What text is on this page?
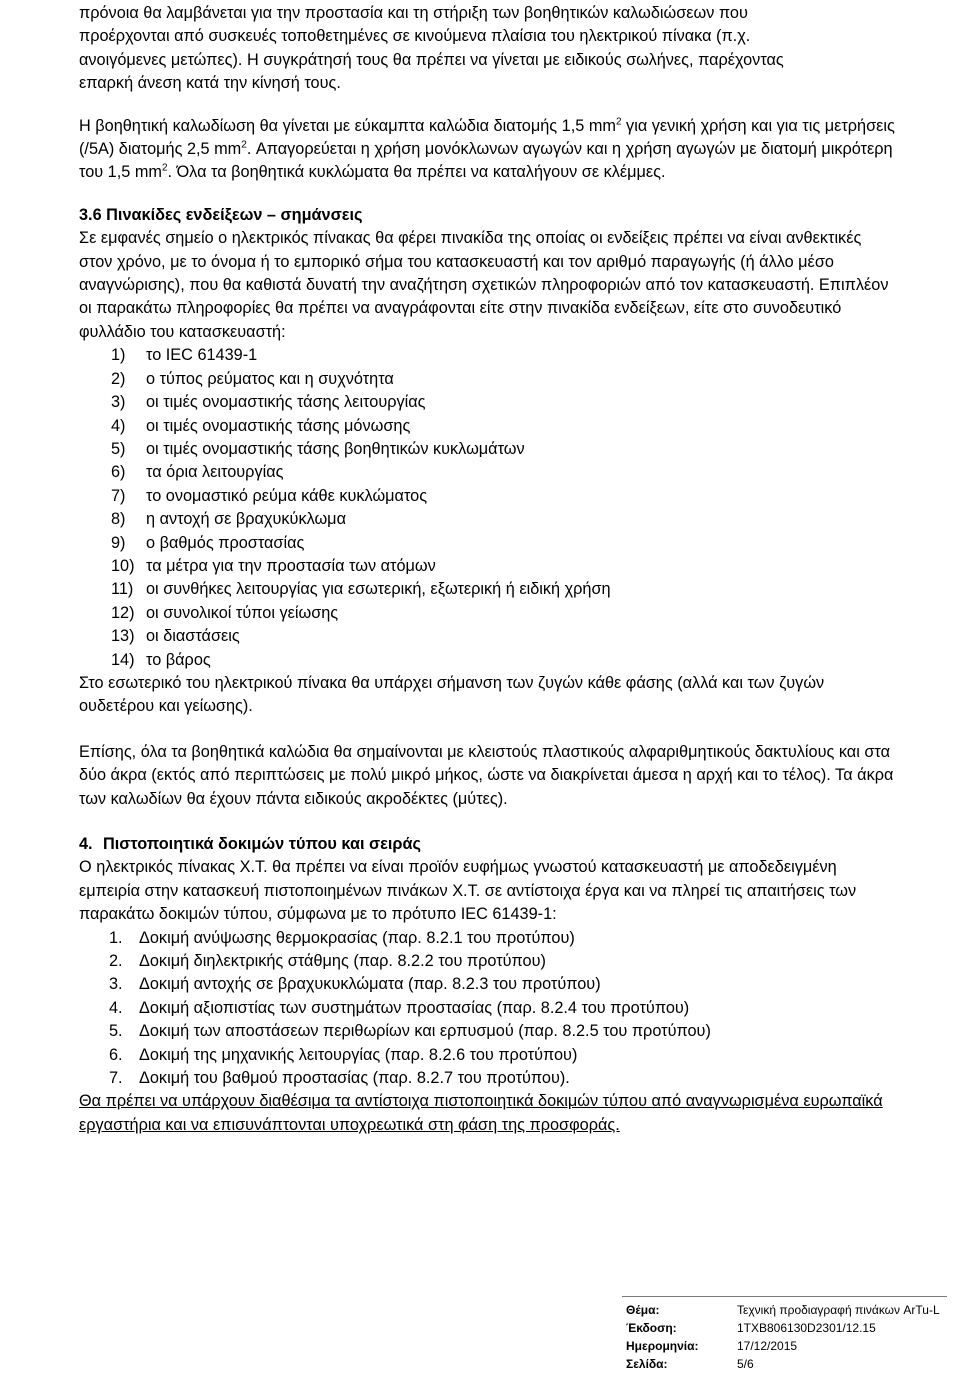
πρόνοια θα λαμβάνεται για την προστασία και τη στήριξη των βοηθητικών καλωδιώσεων που
προέρχονται από συσκευές τοποθετημένες σε κινούμενα πλαίσια του ηλεκτρικού πίνακα (π.χ.
ανοιγόμενες μετώπες). Η συγκράτησή τους θα πρέπει να γίνεται με ειδικούς σωλήνες, παρέχοντας
επαρκή άνεση κατά την κίνησή τους.

Η βοηθητική καλωδίωση θα γίνεται με εύκαμπτα καλώδια διατομής 1,5 $mm^2$ για γενική χρήση και για τις μετρήσεις (/5A) διατομής 2,5 $mm^2$. Απαγορεύεται η χρήση μονόκλωνων αγωγών και η χρήση αγωγών με διατομή μικρότερη του 1,5 $mm^2$. Όλα τα βοηθητικά κυκλώματα θα πρέπει να καταλήγουν σε κλέμμες.

3.6 Πινακίδες ενδείξεων – σημάνσεις
Σε εμφανές σημείο ο ηλεκτρικός πίνακας θα φέρει πινακίδα της οποίας οι ενδείξεις πρέπει να είναι ανθεκτικές στον χρόνο, με το όνομα ή το εμπορικό σήμα του κατασκευαστή και τον αριθμό παραγωγής (ή άλλο μέσο αναγνώρισης), που θα καθιστά δυνατή την αναζήτηση σχετικών πληροφοριών από τον κατασκευαστή. Επιπλέον οι παρακάτω πληροφορίες θα πρέπει να αναγράφονται είτε στην πινακίδα ενδείξεων, είτε στο συνοδευτικό φυλλάδιο του κατασκευαστή:
1) το IEC 61439-1
2) ο τύπος ρεύματος και η συχνότητα
3) οι τιμές ονομαστικής τάσης λειτουργίας
4) οι τιμές ονομαστικής τάσης μόνωσης
5) οι τιμές ονομαστικής τάσης βοηθητικών κυκλωμάτων
6) τα όρια λειτουργίας
7) το ονομαστικό ρεύμα κάθε κυκλώματος
8) η αντοχή σε βραχυκύκλωμα
9) ο βαθμός προστασίας
10) τα μέτρα για την προστασία των ατόμων
11) οι συνθήκες λειτουργίας για εσωτερική, εξωτερική ή ειδική χρήση
12) οι συνολικοί τύποι γείωσης
13) οι διαστάσεις
14) το βάρος
Στο εσωτερικό του ηλεκτρικού πίνακα θα υπάρχει σήμανση των ζυγών κάθε φάσης (αλλά και των ζυγών ουδετέρου και γείωσης).

Επίσης, όλα τα βοηθητικά καλώδια θα σημαίνονται με κλειστούς πλαστικούς αλφαριθμητικούς δακτυλίους και στα δύο άκρα (εκτός από περιπτώσεις με πολύ μικρό μήκος, ώστε να διακρίνεται άμεσα η αρχή και το τέλος). Τα άκρα των καλωδίων θα έχουν πάντα ειδικούς ακροδέκτες (μύτες).

4. Πιστοποιητικά δοκιμών τύπου και σειράς
Ο ηλεκτρικός πίνακας Χ.Τ. θα πρέπει να είναι προϊόν ευφήμως γνωστού κατασκευαστή με αποδεδειγμένη εμπειρία στην κατασκευή πιστοποιημένων πινάκων Χ.Τ. σε αντίστοιχα έργα και να πληρεί τις απαιτήσεις των παρακάτω δοκιμών τύπου, σύμφωνα με το πρότυπο IEC 61439-1:
1. Δοκιμή ανύψωσης θερμοκρασίας (παρ. 8.2.1 του προτύπου)
2. Δοκιμή διηλεκτρικής στάθμης (παρ. 8.2.2 του προτύπου)
3. Δοκιμή αντοχής σε βραχυκυκλώματα (παρ. 8.2.3 του προτύπου)
4. Δοκιμή αξιοπιστίας των συστημάτων προστασίας (παρ. 8.2.4 του προτύπου)
5. Δοκιμή των αποστάσεων περιθωρίων και ερπυσμού (παρ. 8.2.5 του προτύπου)
6. Δοκιμή της μηχανικής λειτουργίας (παρ. 8.2.6 του προτύπου)
7. Δοκιμή του βαθμού προστασίας (παρ. 8.2.7 του προτύπου).
Θα πρέπει να υπάρχουν διαθέσιμα τα αντίστοιχα πιστοποιητικά δοκιμών τύπου από αναγνωρισμένα ευρωπαϊκά εργαστήρια και να επισυνάπτονται υποχρεωτικά στη φάση της προσφοράς.
Θέμα:	Τεχνική προδιαγραφή πινάκων ArTu-L
Έκδοση:	1TXB806130D2301/12.15
Ημερομηνία:	17/12/2015
Σελίδα:	5/6
